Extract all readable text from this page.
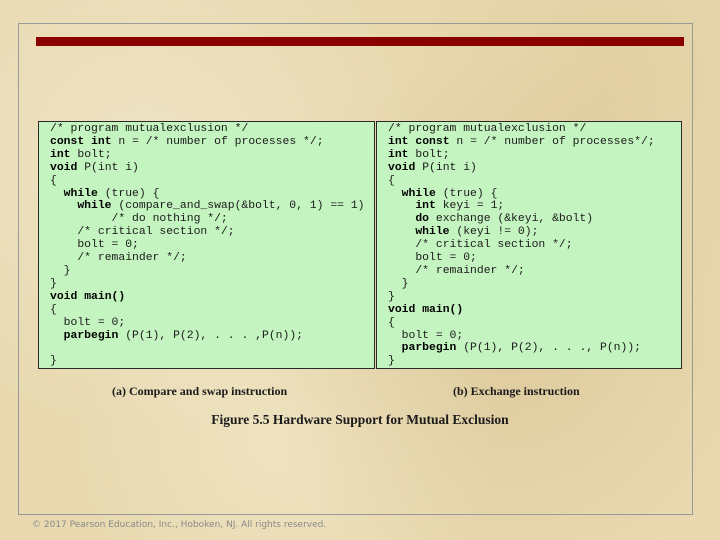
/* program mutualexclusion */
const int n = /* number of processes */;
int bolt;
void P(int i)
{
while (true) {
while (compare_and_swap(&bolt, 0, 1) == 1)
/* do nothing */;
/* critical section */;
bolt = 0;
/* remainder */;
}
}
void main()
{
bolt = 0;
parbegin (P(1), P(2), . . . ,P(n));

}
/* program mutualexclusion */
int const n = /* number of processes*/;
int bolt;
void P(int i)
{
while (true) {
int keyi = 1;
do exchange (&keyi, &bolt)
while (keyi != 0);
/* critical section */;
bolt = 0;
/* remainder */;
}
}
void main()
{
bolt = 0;
parbegin (P(1), P(2), . . ., P(n));
}
(a) Compare and swap instruction	(b) Exchange instruction
Figure 5.5 Hardware Support for Mutual Exclusion
© 2017 Pearson Education, Inc., Hoboken, NJ. All rights reserved.
